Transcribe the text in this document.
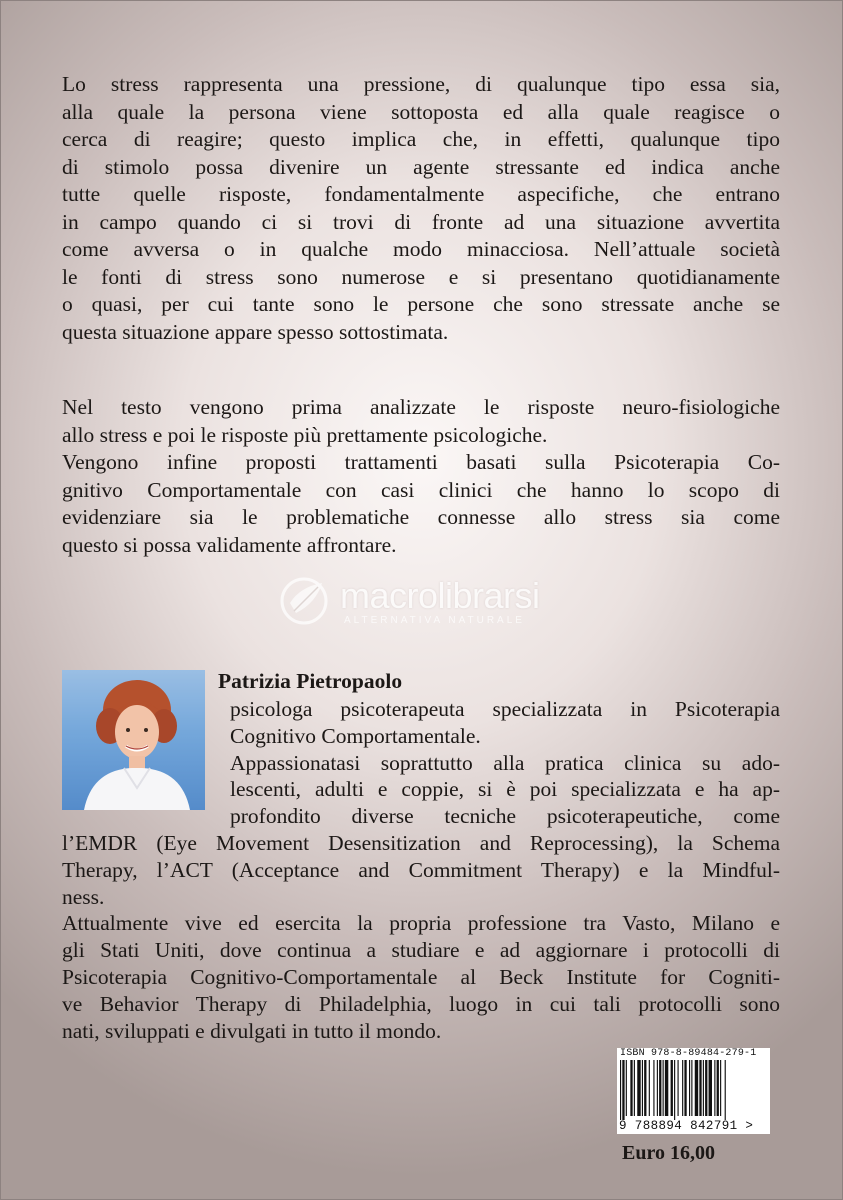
Lo stress rappresenta una pressione, di qualunque tipo essa sia,
alla quale la persona viene sottoposta ed alla quale reagisce o
cerca di reagire; questo implica che, in effetti, qualunque tipo
di stimolo possa divenire un agente stressante ed indica anche
tutte quelle risposte, fondamentalmente aspecifiche, che entrano
in campo quando ci si trovi di fronte ad una situazione avvertita
come avversa o in qualche modo minacciosa. Nell’attuale società
le fonti di stress sono numerose e si presentano quotidianamente
o quasi, per cui tante sono le persone che sono stressate anche se
questa situazione appare spesso sottostimata.
Nel testo vengono prima analizzate le risposte neuro-fisiologiche
allo stress e poi le risposte più prettamente psicologiche.
Vengono infine proposti trattamenti basati sulla Psicoterapia Co-
gnitivo Comportamentale con casi clinici che hanno lo scopo di
evidenziare sia le problematiche connesse allo stress sia come
questo si possa validamente affrontare.
macrolibrarsi
ALTERNATIVA NATURALE

Patrizia Pietropaolo

psicologa psicoterapeuta specializzata in Psicoterapia
Cognitivo Comportamentale.
Appassionatasi soprattutto alla pratica clinica su ado-
lescenti, adulti e coppie, si è poi specializzata e ha ap-
profondito diverse tecniche psicoterapeutiche, come
l’EMDR (Eye Movement Desensitization and Reprocessing), la Schema
Therapy, l’ACT (Acceptance and Commitment Therapy) e la Mindful-
ness.
Attualmente vive ed esercita la propria professione tra Vasto, Milano e
gli Stati Uniti, dove continua a studiare e ad aggiornare i protocolli di
Psicoterapia Cognitivo-Comportamentale al Beck Institute for Cogniti-
ve Behavior Therapy di Philadelphia, luogo in cui tali protocolli sono
nati, sviluppati e divulgati in tutto il mondo.
ISBN 978-8-89484-279-1
9 788894 842791 >

Euro 16,00
